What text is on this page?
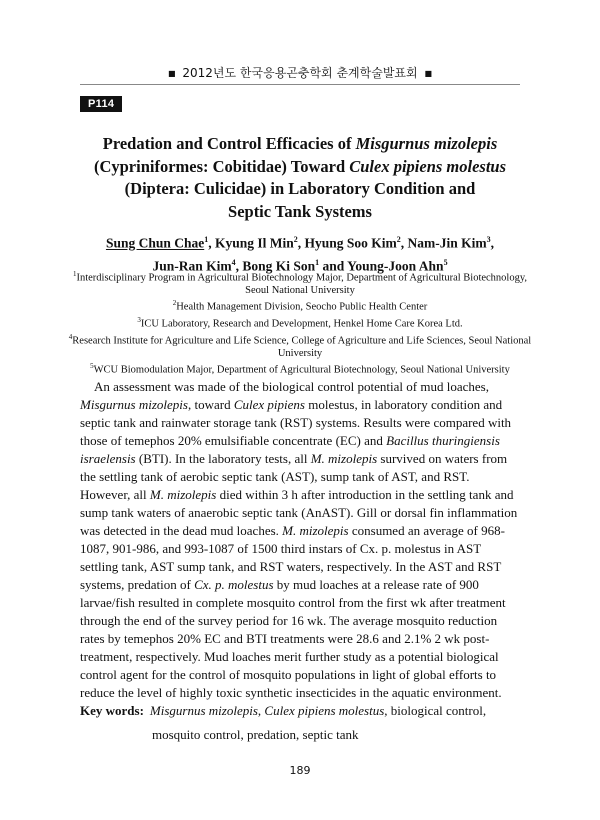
■ 2012년도 한국응용곤충학회 춘계학술발표회 ■
P114
Predation and Control Efficacies of Misgurnus mizolepis
(Cypriniformes: Cobitidae) Toward Culex pipiens molestus
(Diptera: Culicidae) in Laboratory Condition and
Septic Tank Systems
Sung Chun Chae$^1$, Kyung Il Min$^2$, Hyung Soo Kim$^2$, Nam-Jin Kim$^3$,
Jun-Ran Kim$^4$, Bong Ki Son$^1$ and Young-Joon Ahn$^5$
$^1$Interdisciplinary Program in Agricultural Biotechnology Major, Department of Agricultural Biotechnology, Seoul National University
$^2$Health Management Division, Seocho Public Health Center
$^3$ICU Laboratory, Research and Development, Henkel Home Care Korea Ltd.
$^4$Research Institute for Agriculture and Life Science, College of Agriculture and Life Sciences, Seoul National University
$^5$WCU Biomodulation Major, Department of Agricultural Biotechnology, Seoul National University

An assessment was made of the biological control potential of mud loaches, Misgurnus mizolepis, toward Culex pipiens molestus, in laboratory condition and septic tank and rainwater storage tank (RST) systems. Results were compared with those of temephos 20% emulsifiable concentrate (EC) and Bacillus thuringiensis israelensis (BTI). In the laboratory tests, all M. mizolepis survived on waters from the settling tank of aerobic septic tank (AST), sump tank of AST, and RST. However, all M. mizolepis died within 3 h after introduction in the settling tank and sump tank waters of anaerobic septic tank (AnAST). Gill or dorsal fin inflammation was detected in the dead mud loaches. M. mizolepis consumed an average of 968-1087, 901-986, and 993-1087 of 1500 third instars of Cx. p. molestus in AST settling tank, AST sump tank, and RST waters, respectively. In the AST and RST systems, predation of Cx. p. molestus by mud loaches at a release rate of 900 larvae/fish resulted in complete mosquito control from the first wk after treatment through the end of the survey period for 16 wk. The average mosquito reduction rates by temephos 20% EC and BTI treatments were 28.6 and 2.1% 2 wk post-treatment, respectively. Mud loaches merit further study as a potential biological control agent for the control of mosquito populations in light of global efforts to reduce the level of highly toxic synthetic insecticides in the aquatic environment.

Key words: Misgurnus mizolepis, Culex pipiens molestus, biological control,
mosquito control, predation, septic tank
189
